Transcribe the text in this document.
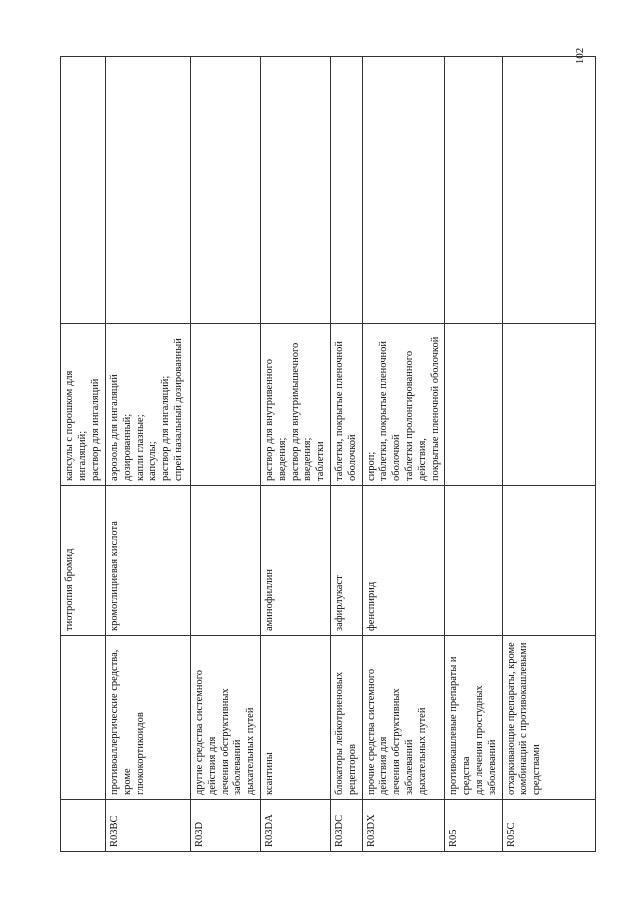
102

		тиотропия бромид	капсулы с порошком для ингаляций; раствор для ингаляций	

R03BC	противоаллергические средства, кроме глюкокортикоидов	кромоглициевая кислота	аэрозоль для ингаляций дозированный; капли глазные; капсулы; раствор для ингаляций; спрей назальный дозированный	

R03D	другие средства системного действия для лечения обструктивных заболеваний дыхательных путей			

R03DA	ксантины	аминофиллин	раствор для внутривенного введения; раствор для внутримышечного введения; таблетки	

R03DC	блокаторы лейкотриеновых рецепторов	зафирлукаст	таблетки, покрытые пленочной оболочкой	

R03DX	прочие средства системного действия для лечения обструктивных заболеваний дыхательных путей	фенспирид	сироп; таблетки, покрытые пленочной оболочкой таблетки пролонгированного действия, покрытые пленочной оболочкой	

R05	противокашлевые препараты и средства для лечения простудных заболеваний			

R05C	отхаркивающие препараты, кроме комбинаций с противокашлевыми средствами			
